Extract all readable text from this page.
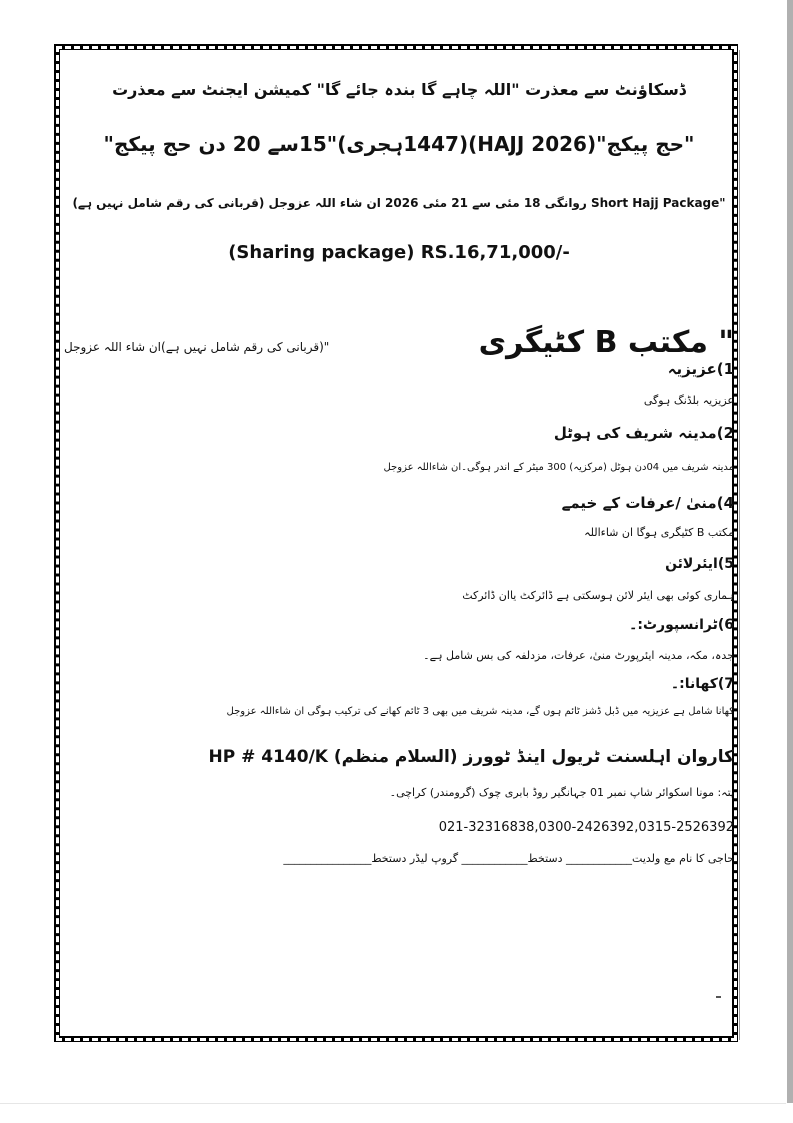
ڈسکاؤنٹ سے معذرت "اللہ چاہے گا بندہ جائے گا" کمیشن ایجنٹ سے معذرت
"حج پیکج"(HAJJ 2026)(1447ہجری)"15سے 20 دن حج پیکج"
"Short Hajj Package روانگی 18 مئی سے 21 مئی 2026 ان شاء اللہ عزوجل (قربانی کی رقم شامل نہیں ہے)
(Sharing package) RS.16,71,000/-
" مکتب B کٹیگری
"(قربانی کی رقم شامل نہیں ہے)ان شاء اللہ عزوجل
1)عزیزیہ
عزیزیہ بلڈنگ ہوگی
2)مدینہ شریف کی ہوٹل
مدینہ شریف میں 04دن ہوٹل (مرکزیہ) 300 میٹر کے اندر ہوگی۔ان شاءاللہ عزوجل
4)منیٰ /عرفات کے خیمے
مکتب B کٹیگری ہوگا ان شاءاللہ
5)ایئرلائن
ہماری کوئی بھی ایئر لائن ہوسکتی ہے ڈائرکٹ یاان ڈائرکٹ
6)ٹرانسپورٹ:۔
جدہ، مکہ، مدینہ ایئرپورٹ منیٰ، عرفات، مزدلفہ کی بس شامل ہے۔
7)کھانا:۔
کھانا شامل ہے عزیزیہ میں ڈبل ڈشز ٹائم ہوں گے، مدینہ شریف میں بھی 3 ٹائم کھانے کی ترکیب ہوگی ان شاءاللہ عزوجل
کاروان اہلسنت ٹریول اینڈ ٹوورز (السلام منظم) HP # 4140/K
پتہ: مونا اسکوائر شاپ نمبر 01 جہانگیر روڈ بابری چوک (گرومندر) کراچی۔
021-32316838,0300-2426392,0315-2526392
حاجی کا نام مع ولدیت____________ دستخط____________ گروپ لیڈر دستخط________________
